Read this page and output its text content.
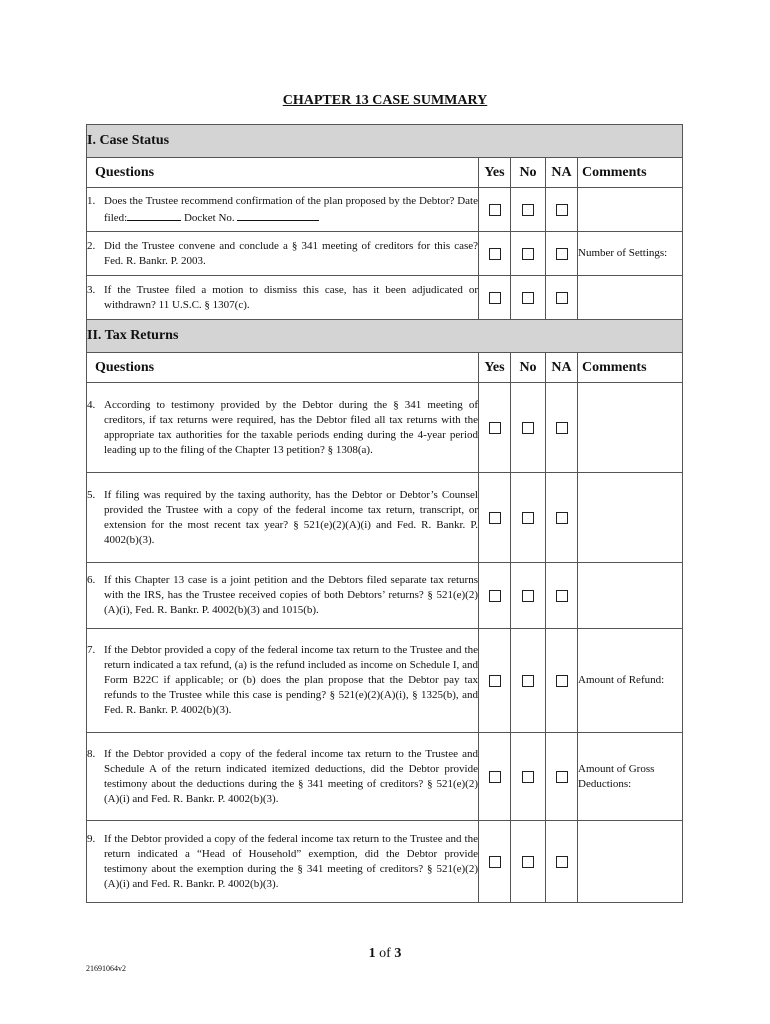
CHAPTER 13 CASE SUMMARY
I. Case Status				
Questions	Yes	No	NA	Comments

1. Does the Trustee recommend confirmation of the plan proposed by the Debtor? Date filed: Docket No.				

2. Did the Trustee convene and conclude a § 341 meeting of creditors for this case? Fed. R. Bankr. P. 2003.				Number of Settings:

3. If the Trustee filed a motion to dismiss this case, has it been adjudicated or withdrawn? 11 U.S.C. § 1307(c).				

II. Tax Returns				
Questions	Yes	No	NA	Comments

4. According to testimony provided by the Debtor during the § 341 meeting of creditors, if tax returns were required, has the Debtor filed all tax returns with the appropriate tax authorities for the taxable periods ending during the 4-year period leading up to the filing of the Chapter 13 petition? § 1308(a).				

5. If filing was required by the taxing authority, has the Debtor or Debtor’s Counsel provided the Trustee with a copy of the federal income tax return, transcript, or extension for the most recent tax year? § 521(e)(2)(A)(i) and Fed. R. Bankr. P. 4002(b)(3).				

6. If this Chapter 13 case is a joint petition and the Debtors filed separate tax returns with the IRS, has the Trustee received copies of both Debtors’ returns? § 521(e)(2)(A)(i), Fed. R. Bankr. P. 4002(b)(3) and 1015(b).				

7. If the Debtor provided a copy of the federal income tax return to the Trustee and the return indicated a tax refund, (a) is the refund included as income on Schedule I, and Form B22C if applicable; or (b) does the plan propose that the Debtor pay tax refunds to the Trustee while this case is pending? § 521(e)(2)(A)(i), § 1325(b), and Fed. R. Bankr. P. 4002(b)(3).				Amount of Refund:

8. If the Debtor provided a copy of the federal income tax return to the Trustee and Schedule A of the return indicated itemized deductions, did the Debtor provide testimony about the deductions during the § 341 meeting of creditors? § 521(e)(2)(A)(i) and Fed. R. Bankr. P. 4002(b)(3).				Amount of Gross Deductions:

9. If the Debtor provided a copy of the federal income tax return to the Trustee and the return indicated a “Head of Household” exemption, did the Debtor provide testimony about the exemption during the § 341 meeting of creditors? § 521(e)(2)(A)(i) and Fed. R. Bankr. P. 4002(b)(3).				

1 of 3
21691064v2
